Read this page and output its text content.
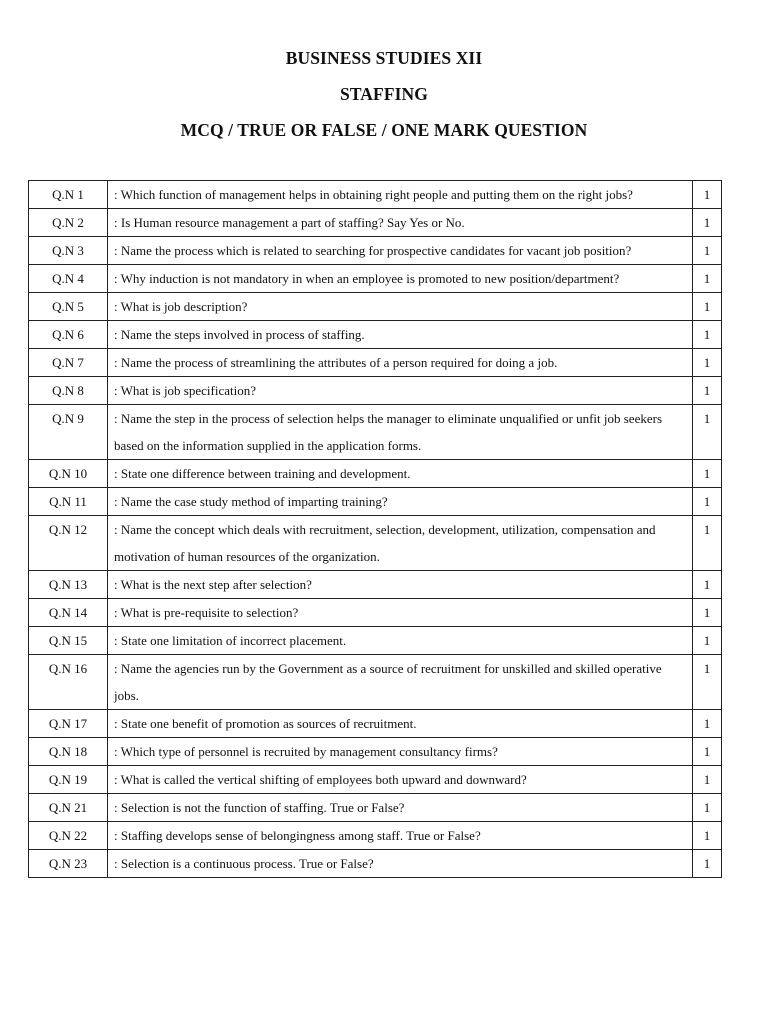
BUSINESS STUDIES XII
STAFFING
MCQ / TRUE OR FALSE / ONE MARK QUESTION
Q.N 1	: Which function of management helps in obtaining right people and putting them on the right jobs?	1
Q.N 2	: Is Human resource management a part of staffing? Say Yes or No.	1
Q.N 3	: Name the process which is related to searching for prospective candidates for vacant job position?	1
Q.N 4	: Why induction is not mandatory in when an employee is promoted to new position/department?	1
Q.N 5	: What is job description?	1
Q.N 6	: Name the steps involved in process of staffing.	1
Q.N 7	: Name the process of streamlining the attributes of a person required for doing a job.	1
Q.N 8	: What is job specification?	1
Q.N 9	: Name the step in the process of selection helps the manager to eliminate unqualified or unfit job seekers based on the information supplied in the application forms.	1
Q.N 10	: State one difference between training and development.	1
Q.N 11	: Name the case study method of imparting training?	1
Q.N 12	: Name the concept which deals with recruitment, selection, development, utilization, compensation and motivation of human resources of the organization.	1
Q.N 13	: What is the next step after selection?	1
Q.N 14	: What is pre-requisite to selection?	1
Q.N 15	: State one limitation of incorrect placement.	1
Q.N 16	: Name the agencies run by the Government as a source of recruitment for unskilled and skilled operative jobs.	1
Q.N 17	: State one benefit of promotion as sources of recruitment.	1
Q.N 18	: Which type of personnel is recruited by management consultancy firms?	1
Q.N 19	: What is called the vertical shifting of employees both upward and downward?	1
Q.N 21	: Selection is not the function of staffing. True or False?	1
Q.N 22	: Staffing develops sense of belongingness among staff. True or False?	1
Q.N 23	: Selection is a continuous process. True or False?	1
